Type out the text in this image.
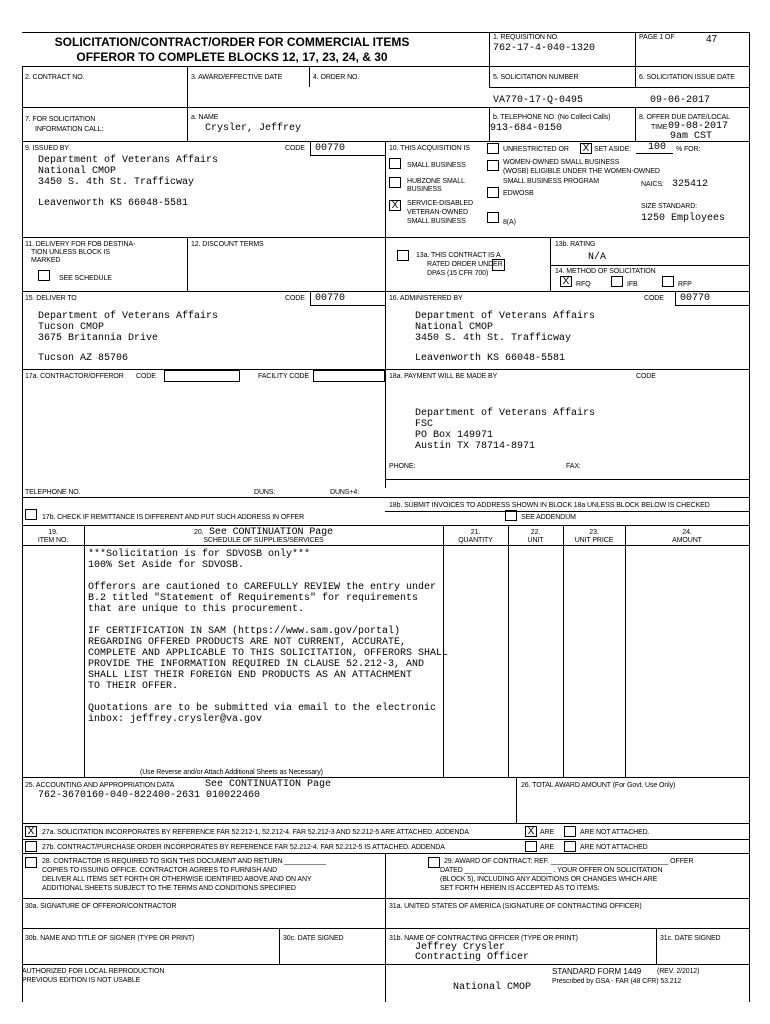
SOLICITATION/CONTRACT/ORDER FOR COMMERCIAL ITEMS
OFFEROR TO COMPLETE BLOCKS 12, 17, 23, 24, & 30
1. REQUISITION NO.
762-17-4-040-1320
PAGE 1 OF	47
2. CONTRACT NO.	3. AWARD/EFFECTIVE DATE	4. ORDER NO.	5. SOLICITATION NUMBER	6. SOLICITATION ISSUE DATE
VA770-17-Q-0495	09-06-2017
7. FOR SOLICITATION
INFORMATION CALL:
a. NAME
Crysler, Jeffrey
b. TELEPHONE NO. (No Collect Calls)
913-684-0150
8. OFFER DUE DATE/LOCAL
TIME 09-08-2017
9am CST
9. ISSUED BY	CODE 00770
Department of Veterans Affairs
National CMOP
3450 S. 4th St. Trafficway
Leavenworth KS 66048-5581
10. THIS ACQUISITION IS	UNRESTRICTED OR X SET ASIDE: 100 % FOR:
SMALL BUSINESS
HUBZONE SMALL
BUSINESS
X	SERVICE-DISABLED
VETERAN-OWNED
SMALL BUSINESS
WOMEN-OWNED SMALL BUSINESS
(WOSB) ELIGIBLE UNDER THE WOMEN-OWNED
SMALL BUSINESS PROGRAM
EDWOSB
8(A)
NAICS: 325412
SIZE STANDARD:
1250 Employees
11. DELIVERY FOR FOB DESTINA-
TION UNLESS BLOCK IS
MARKED
SEE SCHEDULE
12. DISCOUNT TERMS
13a. THIS CONTRACT IS A
RATED ORDER UNDER
DPAS (15 CFR 700)
13b. RATING
N/A
14. METHOD OF SOLICITATION
X RFQ	IFB	RFP
15. DELIVER TO	CODE 00770
Department of Veterans Affairs
Tucson CMOP
3675 Britannia Drive
Tucson AZ 85706
16. ADMINISTERED BY	CODE 00770
Department of Veterans Affairs
National CMOP
3450 S. 4th St. Trafficway
Leavenworth KS 66048-5581
17a. CONTRACTOR/OFFEROR CODE	FACILITY CODE
TELEPHONE NO.	DUNS:	DUNS+4:
17b. CHECK IF REMITTANCE IS DIFFERENT AND PUT SUCH ADDRESS IN OFFER
18a. PAYMENT WILL BE MADE BY	CODE
Department of Veterans Affairs
FSC
PO Box 149971
Austin TX 78714-8971
PHONE:	FAX:
18b. SUBMIT INVOICES TO ADDRESS SHOWN IN BLOCK 18a UNLESS BLOCK BELOW IS CHECKED
SEE ADDENDUM
19.
ITEM NO.
20. See CONTINUATION Page
SCHEDULE OF SUPPLIES/SERVICES
21.
QUANTITY
22.
UNIT
23.
UNIT PRICE
24.
AMOUNT
***Solicitation is for SDVOSB only***
100% Set Aside for SDVOSB.

Offerors are cautioned to CAREFULLY REVIEW the entry under
B.2 titled "Statement of Requirements" for requirements
that are unique to this procurement.

IF CERTIFICATION IN SAM (https://www.sam.gov/portal)
REGARDING OFFERED PRODUCTS ARE NOT CURRENT, ACCURATE,
COMPLETE AND APPLICABLE TO THIS SOLICITATION, OFFERORS SHALL
PROVIDE THE INFORMATION REQUIRED IN CLAUSE 52.212-3, AND
SHALL LIST THEIR FOREIGN END PRODUCTS AS AN ATTACHMENT
TO THEIR OFFER.

Quotations are to be submitted via email to the electronic
inbox: jeffrey.crysler@va.gov
(Use Reverse and/or Attach Additional Sheets as Necessary)
25. ACCOUNTING AND APPROPRIATION DATA	See CONTINUATION Page
762-3670160-040-822400-2631 010022460
26. TOTAL AWARD AMOUNT (For Govt. Use Only)
X	27a. SOLICITATION INCORPORATES BY REFERENCE FAR 52.212-1, 52.212-4. FAR 52.212-3 AND 52.212-5 ARE ATTACHED. ADDENDA	X ARE	ARE NOT ATTACHED.
27b. CONTRACT/PURCHASE ORDER INCORPORATES BY REFERENCE FAR 52.212-4. FAR 52.212-5 IS ATTACHED. ADDENDA	ARE	ARE NOT ATTACHED
28. CONTRACTOR IS REQUIRED TO SIGN THIS DOCUMENT AND RETURN ___________
COPIES TO ISSUING OFFICE. CONTRACTOR AGREES TO FURNISH AND
DELIVER ALL ITEMS SET FORTH OR OTHERWISE IDENTIFIED ABOVE AND ON ANY
ADDITIONAL SHEETS SUBJECT TO THE TERMS AND CONDITIONS SPECIFIED
29. AWARD OF CONTRACT: REF. _______________________________ OFFER
DATED _______________________ . YOUR OFFER ON SOLICITATION
(BLOCK 5), INCLUDING ANY ADDITIONS OR CHANGES WHICH ARE
SET FORTH HEREIN IS ACCEPTED AS TO ITEMS:
30a. SIGNATURE OF OFFEROR/CONTRACTOR	31a. UNITED STATES OF AMERICA (SIGNATURE OF CONTRACTING OFFICER)
30b. NAME AND TITLE OF SIGNER (TYPE OR PRINT)	30c. DATE SIGNED	31b. NAME OF CONTRACTING OFFICER (TYPE OR PRINT)
Jeffrey Crysler
Contracting Officer
31c. DATE SIGNED
AUTHORIZED FOR LOCAL REPRODUCTION
PREVIOUS EDITION IS NOT USABLE
National CMOP
STANDARD FORM 1449 (REV. 2/2012)
Prescribed by GSA - FAR (48 CFR) 53.212
